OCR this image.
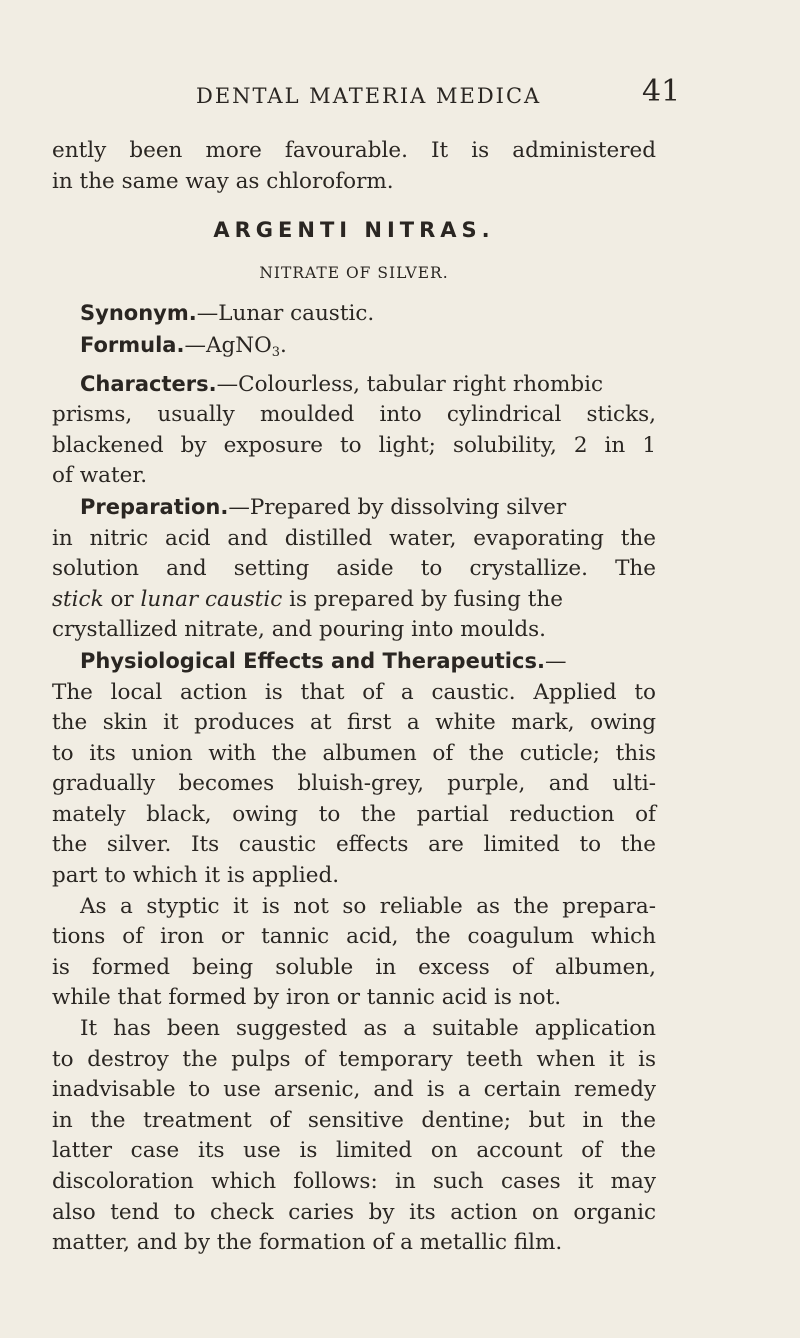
DENTAL MATERIA MEDICA	41
ently been more favourable. It is administered
in the same way as chloroform.
ARGENTI NITRAS.
NITRATE OF SILVER.
Synonym.—Lunar caustic.
Formula.—AgNO$_3$.
Characters.—Colourless, tabular right rhombic
prisms, usually moulded into cylindrical sticks,
blackened by exposure to light; solubility, 2 in 1
of water.
Preparation.—Prepared by dissolving silver
in nitric acid and distilled water, evaporating the
solution and setting aside to crystallize. The
stick or lunar caustic is prepared by fusing the
crystallized nitrate, and pouring into moulds.
Physiological Effects and Therapeutics.—
The local action is that of a caustic. Applied to
the skin it produces at first a white mark, owing
to its union with the albumen of the cuticle; this
gradually becomes bluish-grey, purple, and ulti-
mately black, owing to the partial reduction of
the silver. Its caustic effects are limited to the
part to which it is applied.
As a styptic it is not so reliable as the prepara-
tions of iron or tannic acid, the coagulum which
is formed being soluble in excess of albumen,
while that formed by iron or tannic acid is not.
It has been suggested as a suitable application
to destroy the pulps of temporary teeth when it is
inadvisable to use arsenic, and is a certain remedy
in the treatment of sensitive dentine; but in the
latter case its use is limited on account of the
discoloration which follows: in such cases it may
also tend to check caries by its action on organic
matter, and by the formation of a metallic film.
